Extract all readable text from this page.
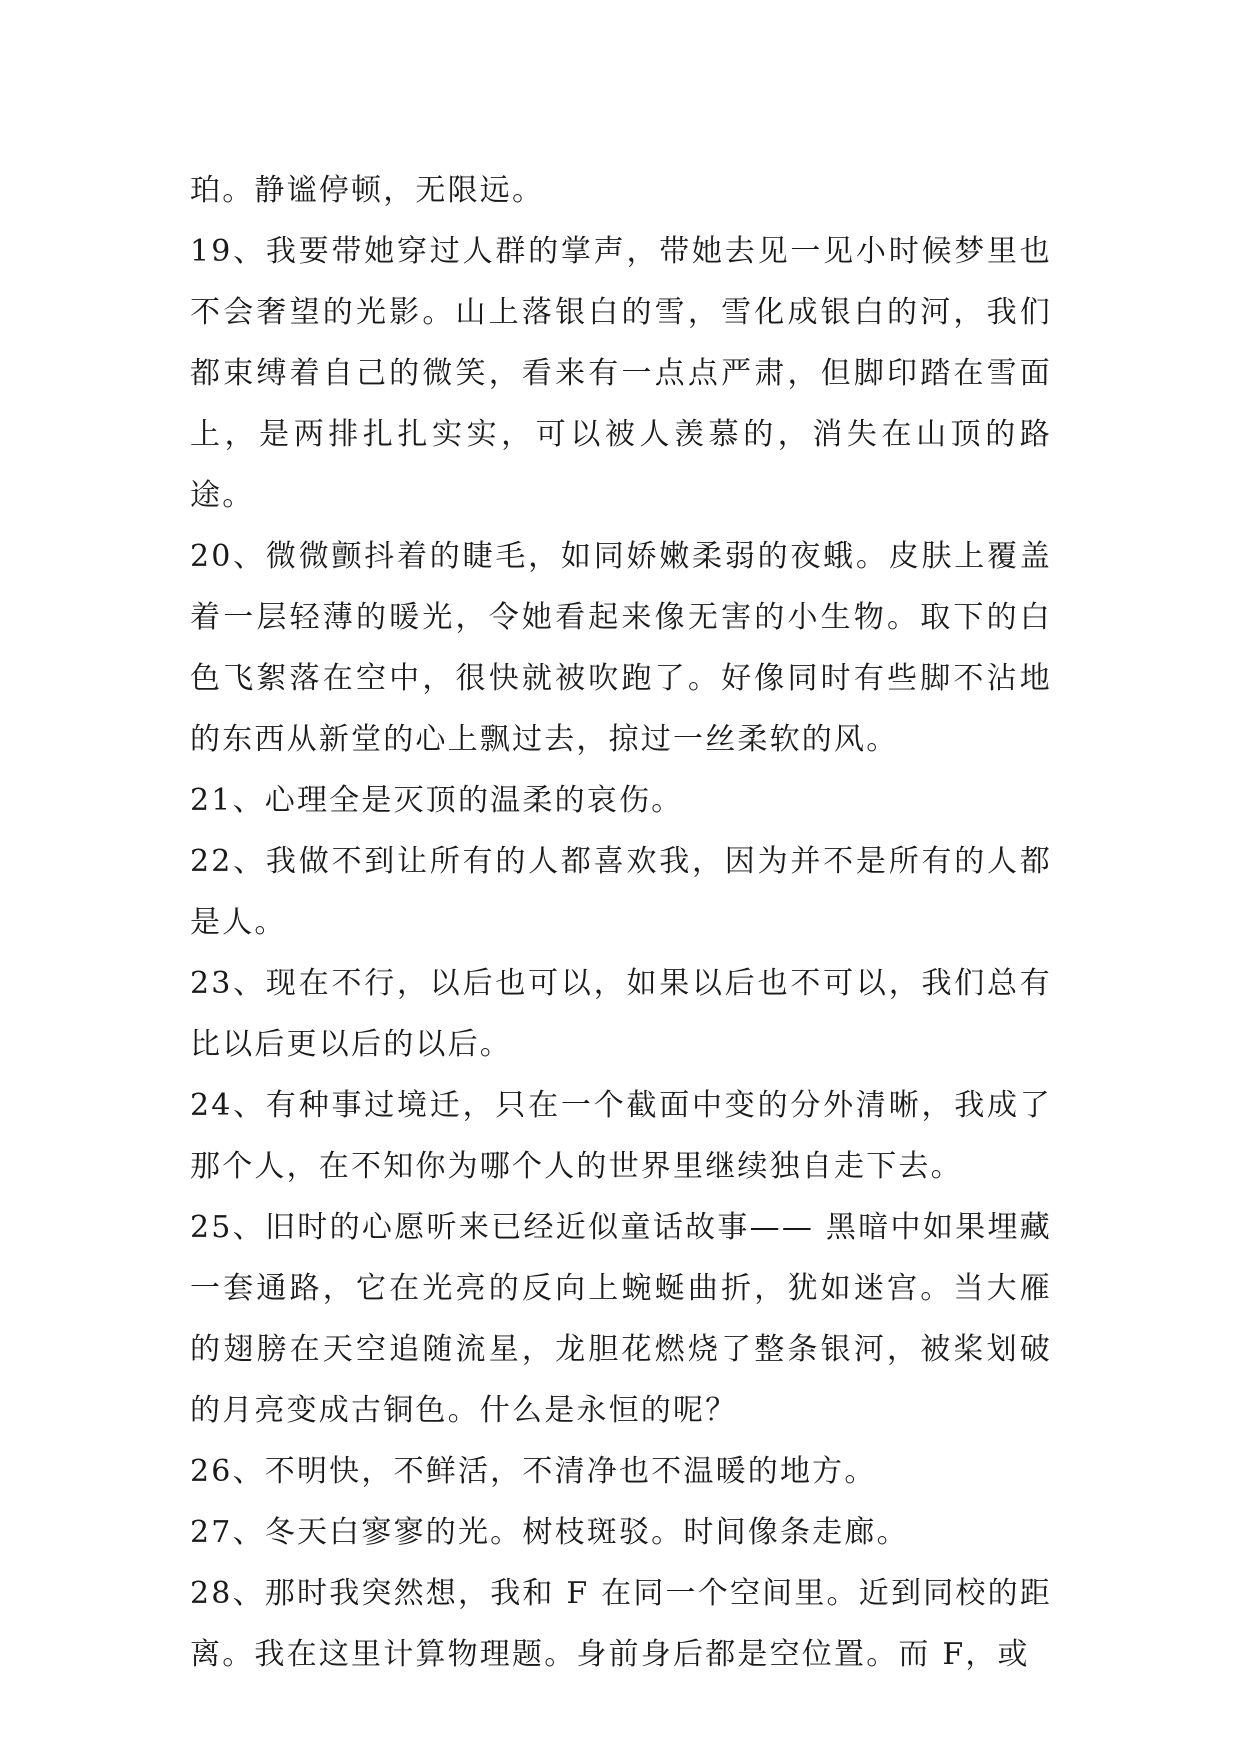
珀。静谧停顿，无限远。

19、我要带她穿过人群的掌声，带她去见一见小时候梦里也不会奢望的光影。山上落银白的雪，雪化成银白的河，我们都束缚着自己的微笑，看来有一点点严肃，但脚印踏在雪面上，是两排扎扎实实，可以被人羡慕的，消失在山顶的路途。

20、微微颤抖着的睫毛，如同娇嫩柔弱的夜蛾。皮肤上覆盖着一层轻薄的暖光，令她看起来像无害的小生物。取下的白色飞絮落在空中，很快就被吹跑了。好像同时有些脚不沾地的东西从新堂的心上飘过去，掠过一丝柔软的风。

21、心理全是灭顶的温柔的哀伤。

22、我做不到让所有的人都喜欢我，因为并不是所有的人都是人。

23、现在不行，以后也可以，如果以后也不可以，我们总有比以后更以后的以后。

24、有种事过境迁，只在一个截面中变的分外清晰，我成了那个人，在不知你为哪个人的世界里继续独自走下去。

25、旧时的心愿听来已经近似童话故事—— 黑暗中如果埋藏一套通路，它在光亮的反向上蜿蜒曲折，犹如迷宫。当大雁的翅膀在天空追随流星，龙胆花燃烧了整条银河，被桨划破的月亮变成古铜色。什么是永恒的呢？

26、不明快，不鲜活，不清净也不温暖的地方。

27、冬天白寥寥的光。树枝斑驳。时间像条走廊。

28、那时我突然想，我和 F 在同一个空间里。近到同校的距离。我在这里计算物理题。身前身后都是空位置。而 F，或
